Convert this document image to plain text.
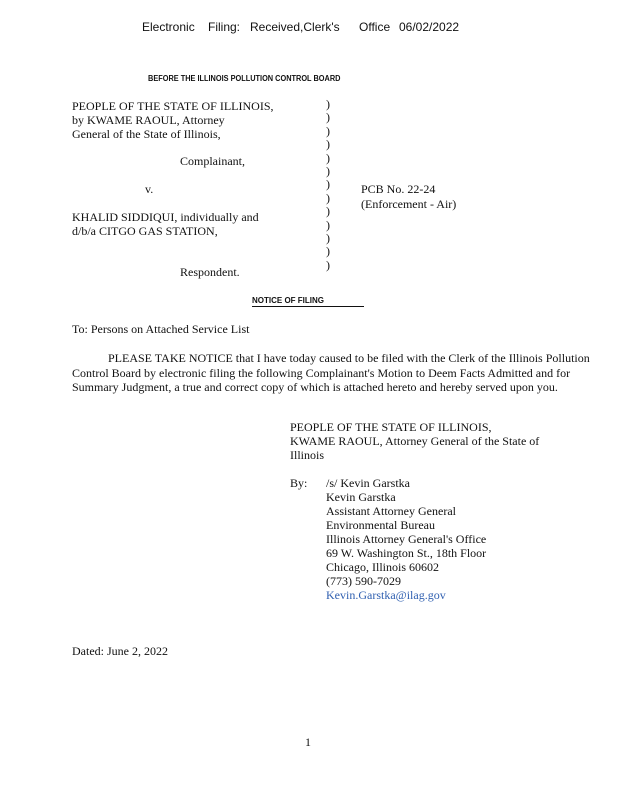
Electronic Filing: Received,Clerk's Office 06/02/2022
BEFORE THE ILLINOIS POLLUTION CONTROL BOARD
PEOPLE OF THE STATE OF ILLINOIS,
by KWAME RAOUL, Attorney
General of the State of Illinois,
Complainant,
v.
KHALID SIDDIQUI, individually and
d/b/a CITGO GAS STATION,
Respondent.
)
)
)
)
)
)
)
)
)
)
)
)
)
PCB No. 22-24
(Enforcement - Air)
NOTICE OF FILING
To: Persons on Attached Service List
PLEASE TAKE NOTICE that I have today caused to be filed with the Clerk of the Illinois Pollution Control Board by electronic filing the following Complainant's Motion to Deem Facts Admitted and for Summary Judgment, a true and correct copy of which is attached hereto and hereby served upon you.
PEOPLE OF THE STATE OF ILLINOIS,
KWAME RAOUL, Attorney General of the State of
Illinois
By: /s/ Kevin Garstka
Kevin Garstka
Assistant Attorney General
Environmental Bureau
Illinois Attorney General's Office
69 W. Washington St., 18th Floor
Chicago, Illinois 60602
(773) 590-7029
Kevin.Garstka@ilag.gov
Dated: June 2, 2022
1
